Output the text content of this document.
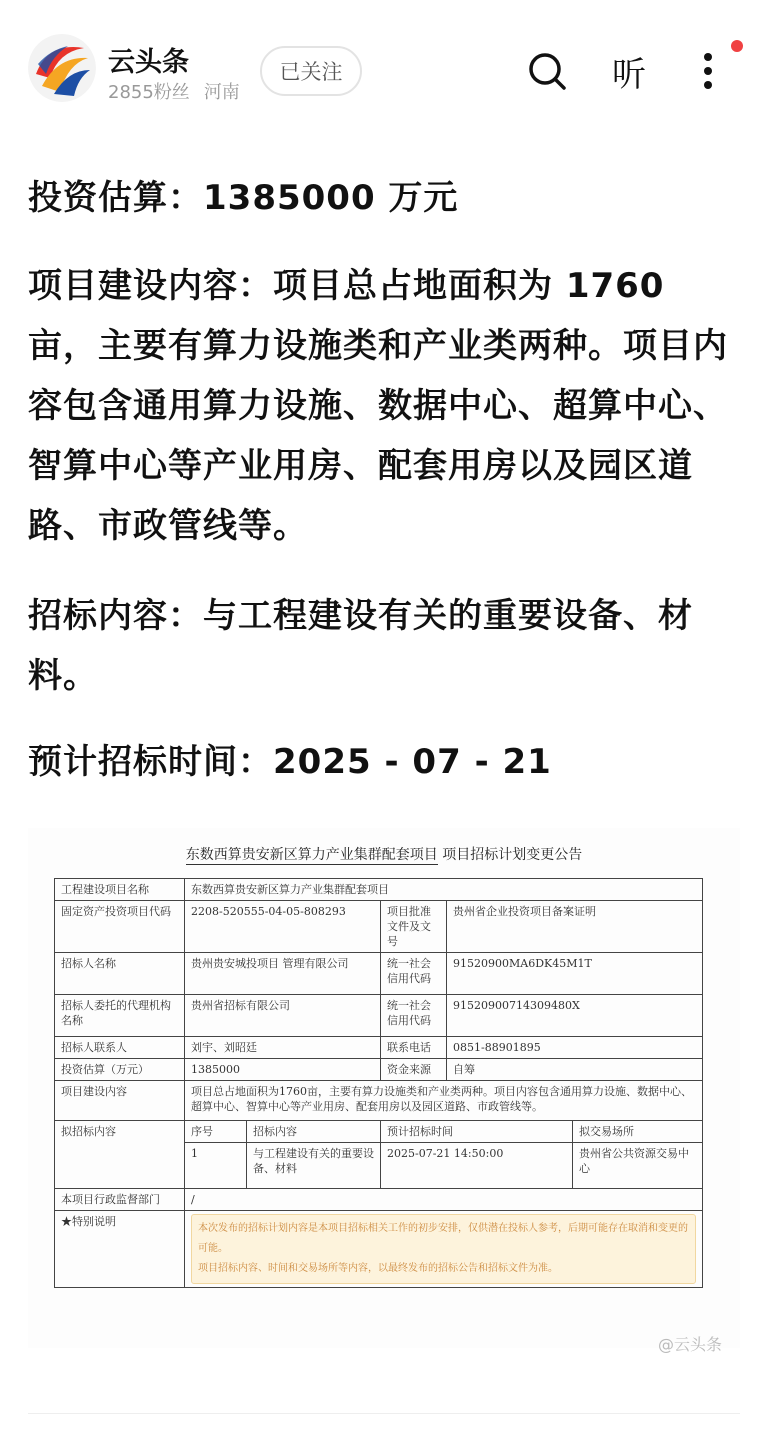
云头条
2855粉丝 河南
已关注	听

投资估算：1385000 万元

项目建设内容：项目总占地面积为 1760 亩，主要有算力设施类和产业类两种。项目内容包含通用算力设施、数据中心、超算中心、智算中心等产业用房、配套用房以及园区道路、市政管线等。

招标内容：与工程建设有关的重要设备、材料。

预计招标时间：2025 - 07 - 21

东数西算贵安新区算力产业集群配套项目 项目招标计划变更公告
工程建设项目名称	东数西算贵安新区算力产业集群配套项目				
固定资产投资项目代码	2208-520555-04-05-808293		项目批准文件及文号	贵州省企业投资项目备案证明	
招标人名称	贵州贵安城投项目 管理有限公司		统一社会信用代码	91520900MA6DK45M1T	
招标人委托的代理机构名称	贵州省招标有限公司		统一社会信用代码	91520900714309480X	
招标人联系人	刘宇、刘昭廷		联系电话	0851-88901895	
投资估算（万元）	1385000		资金来源	自筹	
项目建设内容	项目总占地面积为1760亩，主要有算力设施类和产业类两种。项目内容包含通用算力设施、数据中心、超算中心、智算中心等产业用房、配套用房以及园区道路、市政管线等。				
拟招标内容	序号	招标内容	预计招标时间		拟交易场所
	1	与工程建设有关的重要设备、材料	2025-07-21 14:50:00		贵州省公共资源交易中心
本项目行政监督部门	/				
★特别说明	本次发布的招标计划内容是本项目招标相关工作的初步安排，仅供潜在投标人参考，后期可能存在取消和变更的可能。
项目招标内容、时间和交易场所等内容，以最终发布的招标公告和招标文件为准。				
@云头条
